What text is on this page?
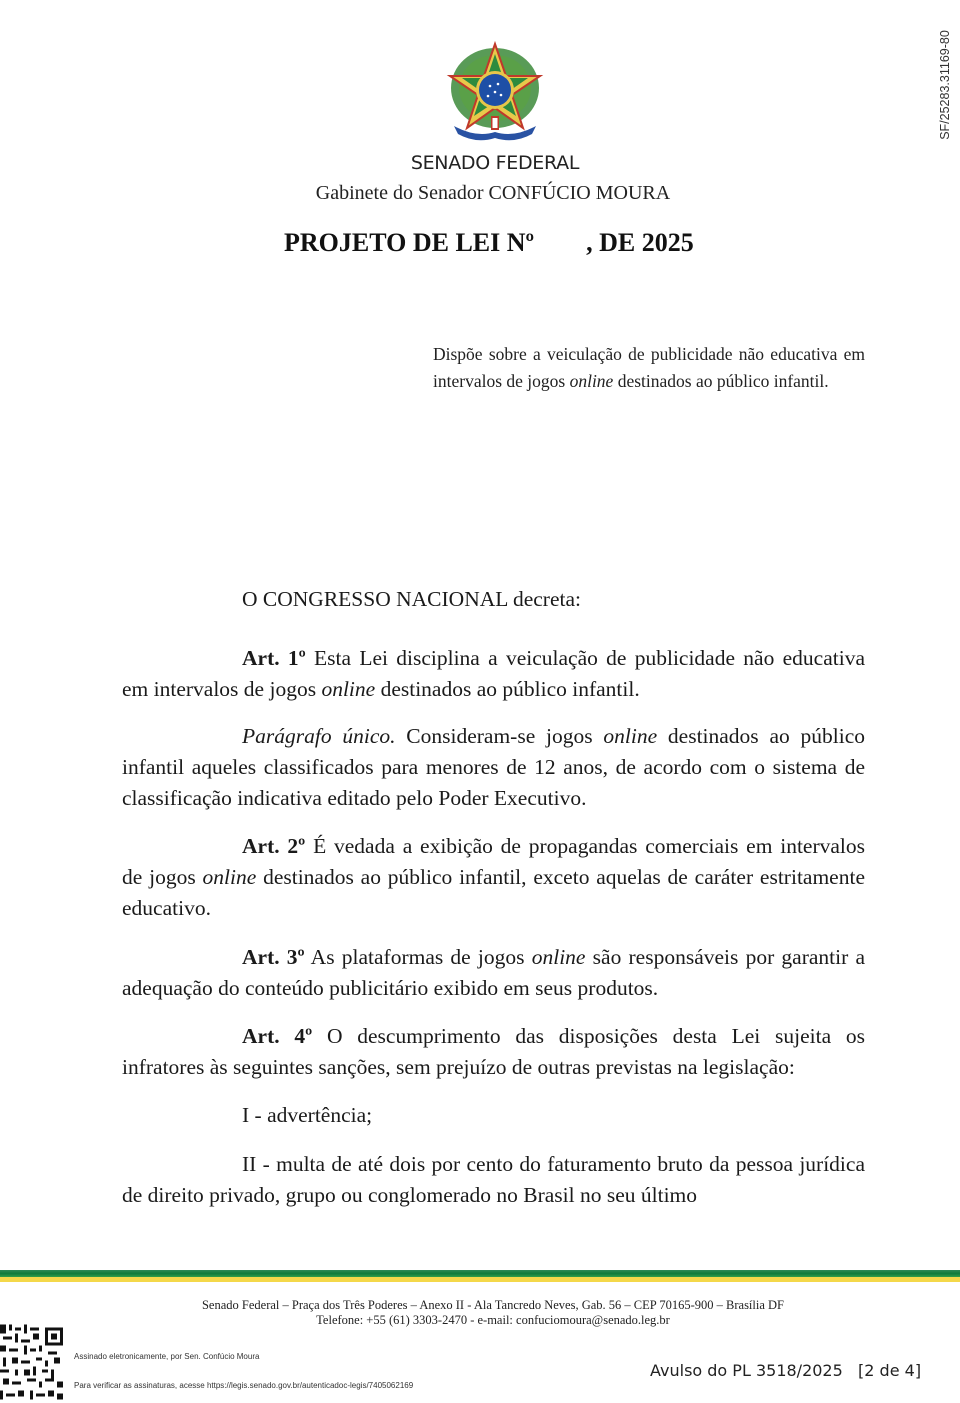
SF/25283.31169-80
SENADO FEDERAL
Gabinete do Senador CONFÚCIO MOURA
PROJETO DE LEI Nº        , DE 2025
Dispõe sobre a veiculação de publicidade não educativa em intervalos de jogos online destinados ao público infantil.
O CONGRESSO NACIONAL decreta:
Art. 1º Esta Lei disciplina a veiculação de publicidade não educativa em intervalos de jogos online destinados ao público infantil.
Parágrafo único. Consideram-se jogos online destinados ao público infantil aqueles classificados para menores de 12 anos, de acordo com o sistema de classificação indicativa editado pelo Poder Executivo.
Art. 2º É vedada a exibição de propagandas comerciais em intervalos de jogos online destinados ao público infantil, exceto aquelas de caráter estritamente educativo.
Art. 3º As plataformas de jogos online são responsáveis por garantir a adequação do conteúdo publicitário exibido em seus produtos.
Art. 4º O descumprimento das disposições desta Lei sujeita os infratores às seguintes sanções, sem prejuízo de outras previstas na legislação:
I - advertência;
II - multa de até dois por cento do faturamento bruto da pessoa jurídica de direito privado, grupo ou conglomerado no Brasil no seu último
Senado Federal – Praça dos Três Poderes – Anexo II - Ala Tancredo Neves, Gab. 56 – CEP 70165-900 – Brasília DF
Telefone: +55 (61) 3303-2470 - e-mail: confuciomoura@senado.leg.br
Assinado eletronicamente, por Sen. Confúcio Moura
Para verificar as assinaturas, acesse https://legis.senado.gov.br/autenticadoc-legis/7405062169
Avulso do PL 3518/2025   [2 de 4]
